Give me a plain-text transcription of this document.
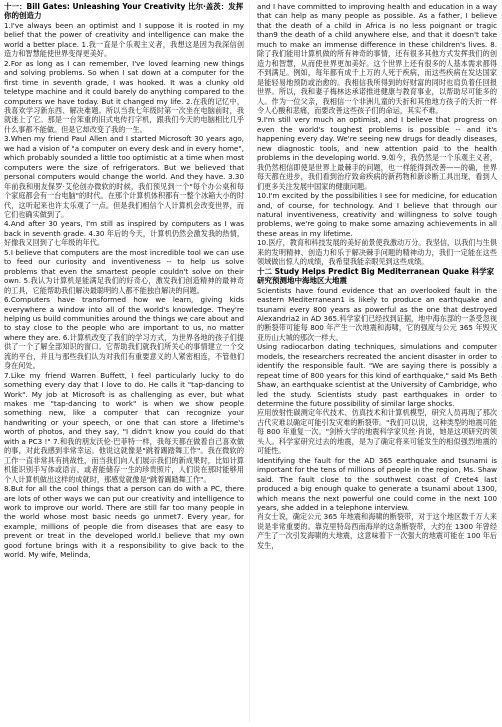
十一：Bill Gates: Unleashing Your Creativity 比尔·盖茨：发挥你的创造力

1.I've always been an optimist and I suppose it is rooted in my belief that the power of creativity and intelligence can make the world a better place. 1.我一直是个乐观主义者，我想这是因为我深信创造力和智慧能使世界变得更美好。

2.For as long as I can remember, I've loved learning new things and solving problems. So when I sat down at a computer for the first time in seventh grade, I was hooked. It was a clunky old teletype machine and it could barely do anything compared to the computers we have today. But it changed my life. 2.在我的记忆中，我喜欢学习新东西、解决难题。所以当我七年级时第一次坐在电脑前时，我就迷上了它。那是一台笨重的旧式电传打字机，跟我们今天的电脑相比几乎什么事都不能做。但是它却改变了我的一生。

3.When my friend Paul Allen and I started Microsoft 30 years ago, we had a vision of "a computer on every desk and in every home", which probably sounded a little too optimistic at a time when most computers were the size of refrigerators. But we believed that personal computers would change the world. And they have. 3.30 年前我和朋友保罗·艾伦创办微软的时候，我们预见到一个"每个办公桌和每个家庭都会有一台电脑"的时代。在那个计算机体积都有一整个冰箱大小的时代，这听起来也许太乐观了一点。但是我们相信个人计算机会改变世界，而它们也确实做到了。

4.And after 30 years, I'm still as inspired by computers as I was back in seventh grade. 4.30 年后的今天，计算机仍然会激发我的热情，好像我又回到了七年级的年代。

5.I believe that computers are the most incredible tool we can use to feed our curiosity and inventiveness -- to help us solve problems that even the smartest people couldn't solve on their own. 5.我认为计算机是能满足我们的好奇心，激发我们创造精神的最神奇的工具，它能帮助我们解决最聪明的人都不能独自解决的问题。

6.Computers have transformed how we learn, giving kids everywhere a window into all of the world's knowledge. They're helping us build communities around the things we care about and to stay close to the people who are important to us, no matter where they are. 6.计算机改变了我们的学习方式，为世界各地的孩子们提供了一个了解全部知识的窗口。它帮助我们就我们所关心的事情建立一个交流的平台，并且与那些我们认为对我们有重要意义的人紧密相连，不管他们身在何处。

7.Like my friend Warren Buffett, I feel particularly lucky to do something every day that I love to do. He calls it "tap-dancing to Work". My job at Microsoft is as challenging as ever, but what makes me "tap-dancing to work" is when we show people something new, like a computer that can recognize your handwriting or your speech, or one that can store a lifetime's worth of photos, and they say, "I didn't know you could do that with a PC3 !" 7.和我的朋友沃伦·巴菲特一样，我每天都在做着自己喜欢做的事，对此我感到非常幸运。他说这就像是"跳着踢踏舞工作"。我在微软的工作一直非常具有挑战性，而当我们向人们展示我们的新成果时，比如计算机能识别手写体或语言，或者能储存一生的珍贵照片，人们说在那时能够用个人计算机做出这样的成就时，那感觉就像是"跳着踢踏舞工作"。

8.But for all the cool things that a person can do with a PC, there are lots of other ways we can put our creativity and intelligence to work to improve our world. There are still far too many people in the world whose most basic needs go unmet7. Every year, for example, millions of people die from diseases that are easy to prevent or treat in the developed world.I believe that my own good fortune brings with it a responsibility to give back to the world. My wife, Melinda,

and I have committed to improving health and education in a way that can help as many people as possible. As a father, I believe that the death of a child in Africa is no less poignant or tragic than9 the death of a child anywhere else, and that it doesn't take much to make an immense difference in these children's lives. 8.除了我们能用计算机做的所有神奇的事情，还有很多其他方式发挥我们的创造力和智慧，从而使世界更加美好。这个世界上还有很多的人基本需求都得不到满足。例如，每年都有成千上万的人死于疾病，而这些疾病在发达国家是能轻易地预防或治愈的。我相信我所得到的好财富的同时也肩负着任回报世界。所以，我和妻子梅林达承诺推进健康与教育事业，以帮助尽可能多的人。作为一位父亲，我相信一个非洲儿童的夭折和其他地方孩子的夭折一样令人心酸和悲痛，而要改善这些孩子们的命运，其实不难。

9.I'm still very much an optimist, and I believe that progress on even the world's toughest problems is possible -- and it's happening every day. We're seeing new drugs for deadly diseases, new diagnostic tools, and new attention paid to the health problems in the developing world. 9.如今，我仍然是一个乐观主义者，我仍然相信即使是世界上最棘手的问题，也一样能得到改善——的确，世界每天都在进步，我们看到治疗致命疾病的新药物和新诊断工具出现，看到人们更多关注发展中国家的健康问题。

10.I'm excited by the possibilities I see for medicine, for education and, of course, for technology. And I believe that through our natural inventiveness, creativity and willingness to solve tough problems, we're going to make some amazing achievements in all these areas in my lifetime.

10.医疗，教育和科技发展的美好前景使我激动万分。我坚信，以我们与生俱来的发明精神、创造力和乐于解决棘手问题的精神动力，我们一定能在这些领域做出惊人的成绩，我希望我能亲眼见到这些成绩。

十二 Study Helps Predict Big Mediterranean Quake 科学家研究预测地中海地区大地震

Scientists have found evidence that an overlooked fault in the eastern Mediterranean1 is likely to produce an earthquake and tsunami every 800 years as powerful as the one that destroyed Alexandria2 in AD 365.科学家们已经找到证据，地中海东部的一条受忽视的断裂带可能每 800 年产生一次地震和海啸，它的强度与公元 365 年毁灭亚历山大城的那次一样大。

Using radiocarbon dating techniques, simulations and computer models, the researchers recreated the ancient disaster in order to identify the responsible fault. "We are saying there is possibly a repeat time of 800 years for this kind of earthquake," said Ms Beth Shaw, an earthquake scientist at the University of Cambridge, who led the study. Scientists study past earthquakes in order to determine the future possibility of similar large shocks.

应用放射性碳测定年代技术、仿真技术和计算机模型，研究人员再现了那次古代灾难以确定可能引发灾难的断裂带。"我们可以说，这种类型的地震可能每 800 年重复一次。"剑桥大学的地震科学家贝丝·肖说，她是这项研究的领头人。科学家研究过去的地震，是为了确定将来可能发生的相似强烈地震的可能性。

Identifying the fault for the AD 365 earthquake and tsunami is important for the tens of millions of people in the region, Ms. Shaw said. The fault close to the southwest coast of Crete4 last produced a big enough quake to generate a tsunami about 1300, which means the next powerful one could come in the next 100 years, she added in a telephone interview.

肖女士说，确定公元 365 年地震和海啸的断裂带，对于这个地区数千万人来说是非常重要的。靠克里特岛西南海岸的这条断裂带，大约在 1300 年曾经产生了一次引发海啸的大地震，这意味着下一次强大的地震可能在 100 年后发生，
